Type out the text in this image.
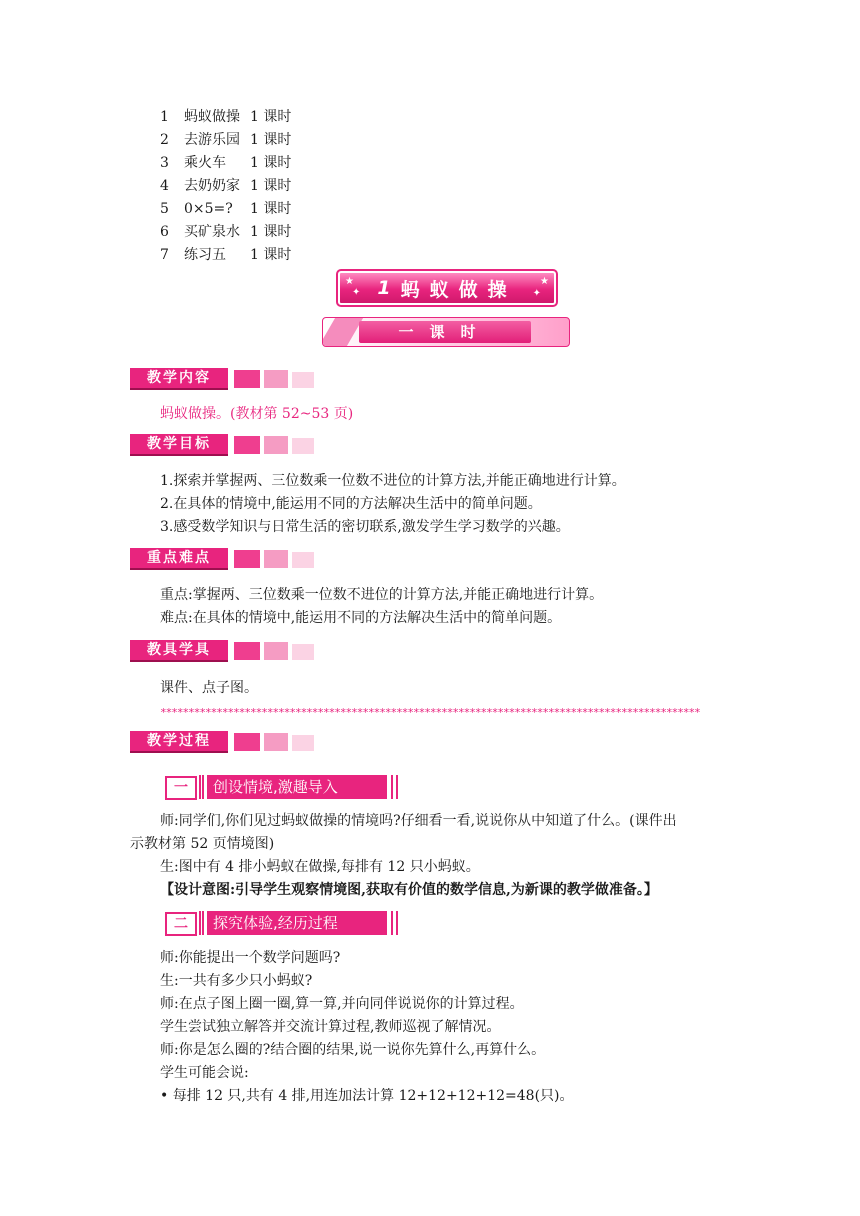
1 蚂蚁做操 1 课时
2 去游乐园 1 课时
3 乘火车 1 课时
4 去奶奶家 1 课时
5 0×5=? 1 课时
6 买矿泉水 1 课时
7 练习五 1 课时
★
✦
★
✦
1 蚂蚁做操
一课时
教学内容
蚂蚁做操。(教材第 52~53 页)
教学目标
1.探索并掌握两、三位数乘一位数不进位的计算方法,并能正确地进行计算。
2.在具体的情境中,能运用不同的方法解决生活中的简单问题。
3.感受数学知识与日常生活的密切联系,激发学生学习数学的兴趣。
重点难点
重点:掌握两、三位数乘一位数不进位的计算方法,并能正确地进行计算。
难点:在具体的情境中,能运用不同的方法解决生活中的简单问题。
教具学具
课件、点子图。
************************************************************************************************
教学过程
一	创设情境,激趣导入
师:同学们,你们见过蚂蚁做操的情境吗?仔细看一看,说说你从中知道了什么。(课件出
示教材第 52 页情境图)
生:图中有 4 排小蚂蚁在做操,每排有 12 只小蚂蚁。
【设计意图:引导学生观察情境图,获取有价值的数学信息,为新课的教学做准备。】
二	探究体验,经历过程
师:你能提出一个数学问题吗?
生:一共有多少只小蚂蚁?
师:在点子图上圈一圈,算一算,并向同伴说说你的计算过程。
学生尝试独立解答并交流计算过程,教师巡视了解情况。
师:你是怎么圈的?结合圈的结果,说一说你先算什么,再算什么。
学生可能会说:
• 每排 12 只,共有 4 排,用连加法计算 12+12+12+12=48(只)。
